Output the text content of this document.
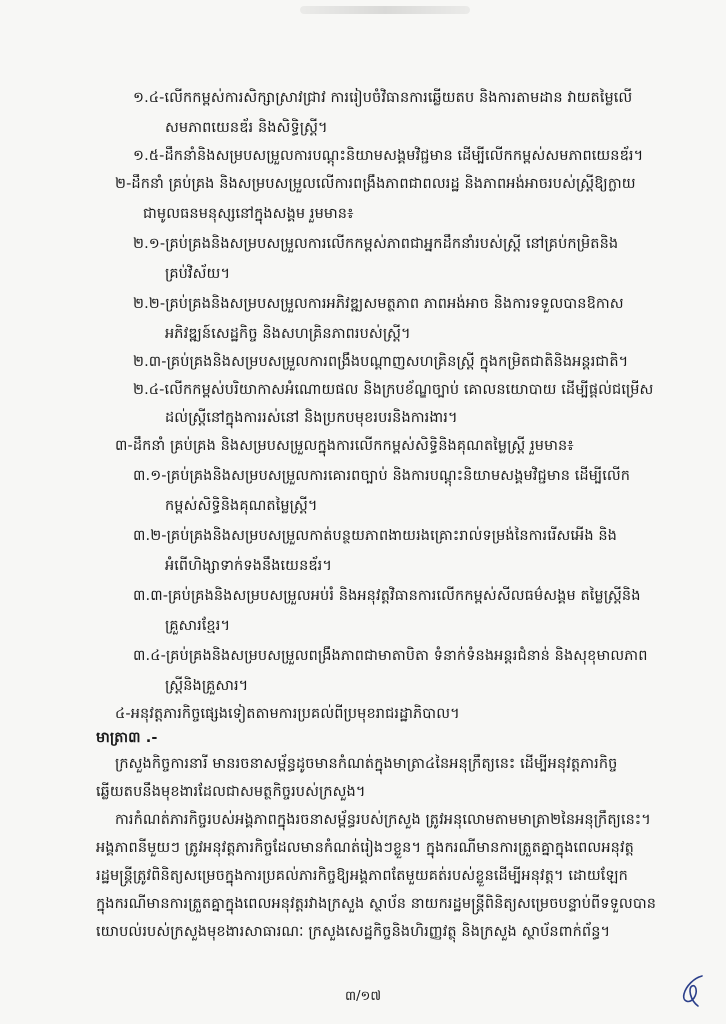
១.៤-លើកកម្ពស់ការសិក្សាស្រាវជ្រាវ ការរៀបចំវិធានការឆ្លើយតប និងការតាមដាន វាយតម្លៃលើ
សមភាពយេនឌ័រ និងសិទ្ធិស្ត្រី។
១.៥-ដឹកនាំនិងសម្របសម្រួលការបណ្តុះនិយាមសង្គមវិជ្ជមាន ដើម្បីលើកកម្ពស់សមភាពយេនឌ័រ។
២-ដឹកនាំ គ្រប់គ្រង និងសម្របសម្រួលលើការពង្រឹងភាពជាពលរដ្ឋ និងភាពអង់អាចរបស់ស្ត្រីឱ្យក្លាយ
ជាមូលធនមនុស្សនៅក្នុងសង្គម រួមមាន៖
២.១-គ្រប់គ្រងនិងសម្របសម្រួលការលើកកម្ពស់ភាពជាអ្នកដឹកនាំរបស់ស្ត្រី នៅគ្រប់កម្រិតនិង
គ្រប់វិស័យ។
២.២-គ្រប់គ្រងនិងសម្របសម្រួលការអភិវឌ្ឍសមត្ថភាព ភាពអង់អាច និងការទទួលបានឱកាស
អភិវឌ្ឍន៍សេដ្ឋកិច្ច និងសហគ្រិនភាពរបស់ស្ត្រី។
២.៣-គ្រប់គ្រងនិងសម្របសម្រួលការពង្រឹងបណ្តាញសហគ្រិនស្ត្រី ក្នុងកម្រិតជាតិនិងអន្តរជាតិ។
២.៤-លើកកម្ពស់បរិយាកាសអំណោយផល និងក្របខ័ណ្ឌច្បាប់ គោលនយោបាយ ដើម្បីផ្តល់ជម្រើស
ដល់ស្ត្រីនៅក្នុងការរស់នៅ និងប្រកបមុខរបរនិងការងារ។
៣-ដឹកនាំ គ្រប់គ្រង និងសម្របសម្រួលក្នុងការលើកកម្ពស់សិទ្ធិនិងគុណតម្លៃស្ត្រី រួមមាន៖
៣.១-គ្រប់គ្រងនិងសម្របសម្រួលការគោរពច្បាប់ និងការបណ្តុះនិយាមសង្គមវិជ្ជមាន ដើម្បីលើក
កម្ពស់សិទ្ធិនិងគុណតម្លៃស្ត្រី។
៣.២-គ្រប់គ្រងនិងសម្របសម្រួលកាត់បន្ថយភាពងាយរងគ្រោះរាល់ទម្រង់នៃការរើសអើង និង
អំពើហិង្សាទាក់ទងនឹងយេនឌ័រ។
៣.៣-គ្រប់គ្រងនិងសម្របសម្រួលអប់រំ និងអនុវត្តវិធានការលើកកម្ពស់សីលធម៌សង្គម តម្លៃស្ត្រីនិង
គ្រួសារខ្មែរ។
៣.៤-គ្រប់គ្រងនិងសម្របសម្រួលពង្រឹងភាពជាមាតាបិតា ទំនាក់ទំនងអន្តរជំនាន់ និងសុខុមាលភាព
ស្ត្រីនិងគ្រួសារ។
៤-អនុវត្តភារកិច្ចផ្សេងទៀតតាមការប្រគល់ពីប្រមុខរាជរដ្ឋាភិបាល។
មាត្រា៣ .-
ក្រសួងកិច្ចការនារី មានរចនាសម្ព័ន្ធដូចមានកំណត់ក្នុងមាត្រា៤នៃអនុក្រឹត្យនេះ ដើម្បីអនុវត្តភារកិច្ច
ឆ្លើយតបនឹងមុខងារដែលជាសមត្ថកិច្ចរបស់ក្រសួង។
ការកំណត់ភារកិច្ចរបស់អង្គភាពក្នុងរចនាសម្ព័ន្ធរបស់ក្រសួង ត្រូវអនុលោមតាមមាត្រា២នៃអនុក្រឹត្យនេះ។
អង្គភាពនីមួយៗ ត្រូវអនុវត្តភារកិច្ចដែលមានកំណត់រៀងៗខ្លួន។ ក្នុងករណីមានការត្រួតគ្នាក្នុងពេលអនុវត្ត
រដ្ឋមន្ត្រីត្រូវពិនិត្យសម្រេចក្នុងការប្រគល់ភារកិច្ចឱ្យអង្គភាពតែមួយគត់របស់ខ្លួនដើម្បីអនុវត្ត។ ដោយឡែក
ក្នុងករណីមានការត្រួតគ្នាក្នុងពេលអនុវត្តរវាងក្រសួង ស្ថាប័ន នាយករដ្ឋមន្ត្រីពិនិត្យសម្រេចបន្ទាប់ពីទទួលបាន
យោបល់របស់ក្រសួងមុខងារសាធារណៈ ក្រសួងសេដ្ឋកិច្ចនិងហិរញ្ញវត្ថុ និងក្រសួង ស្ថាប័នពាក់ព័ន្ធ។
៣/១៧
